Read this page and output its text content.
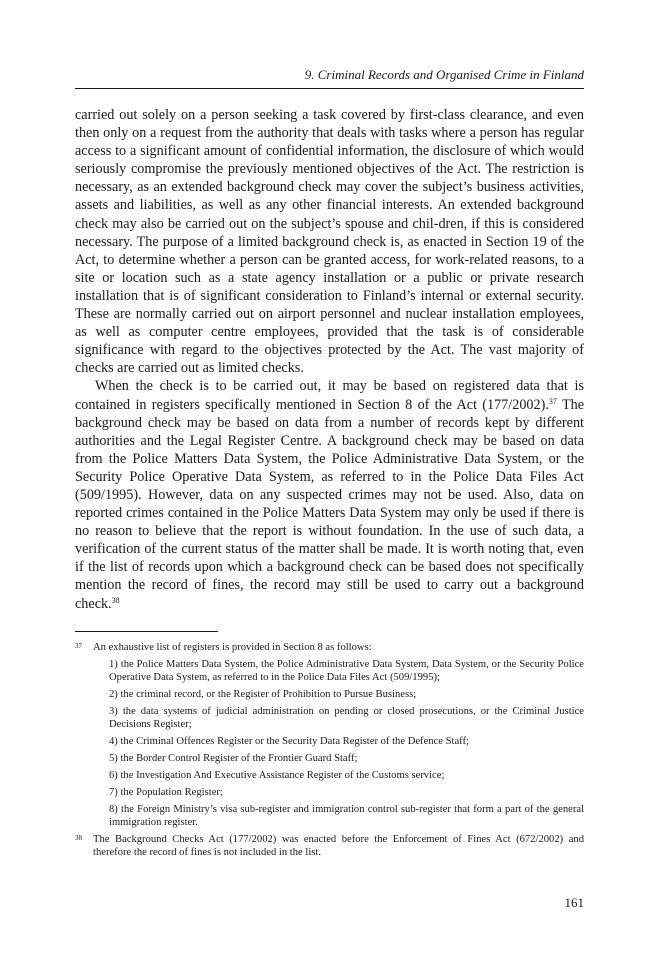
9. Criminal Records and Organised Crime in Finland

carried out solely on a person seeking a task covered by first-class clearance, and even then only on a request from the authority that deals with tasks where a person has regular access to a significant amount of confidential information, the disclosure of which would seriously compromise the previously mentioned objectives of the Act. The restriction is necessary, as an extended background check may cover the subject’s business activities, assets and liabilities, as well as any other financial interests. An extended background check may also be carried out on the subject’s spouse and chil-dren, if this is considered necessary. The purpose of a limited background check is, as enacted in Section 19 of the Act, to determine whether a person can be granted access, for work-related reasons, to a site or location such as a state agency installation or a public or private research installation that is of significant consideration to Finland’s internal or external security. These are normally carried out on airport personnel and nuclear installation employees, as well as computer centre employees, provided that the task is of considerable significance with regard to the objectives protected by the Act. The vast majority of checks are carried out as limited checks.

When the check is to be carried out, it may be based on registered data that is contained in registers specifically mentioned in Section 8 of the Act (177/2002).$^{37}$ The background check may be based on data from a number of records kept by different authorities and the Legal Register Centre. A background check may be based on data from the Police Matters Data System, the Police Administrative Data System, or the Security Police Operative Data System, as referred to in the Police Data Files Act (509/1995). However, data on any suspected crimes may not be used. Also, data on reported crimes contained in the Police Matters Data System may only be used if there is no reason to believe that the report is without foundation. In the use of such data, a verification of the current status of the matter shall be made. It is worth noting that, even if the list of records upon which a background check can be based does not specifically mention the record of fines, the record may still be used to carry out a background check.$^{38}$

37 An exhaustive list of registers is provided in Section 8 as follows:

1) the Police Matters Data System, the Police Administrative Data System, Data System, or the Security Police Operative Data System, as referred to in the Police Data Files Act (509/1995);
2) the criminal record, or the Register of Prohibition to Pursue Business;
3) the data systems of judicial administration on pending or closed prosecutions, or the Criminal Justice Decisions Register;
4) the Criminal Offences Register or the Security Data Register of the Defence Staff;
5) the Border Control Register of the Frontier Guard Staff;
6) the Investigation And Executive Assistance Register of the Customs service;
7) the Population Register;
8) the Foreign Ministry’s visa sub-register and immigration control sub-register that form a part of the general immigration register.
38 The Background Checks Act (177/2002) was enacted before the Enforcement of Fines Act (672/2002) and therefore the record of fines is not included in the list.

161
